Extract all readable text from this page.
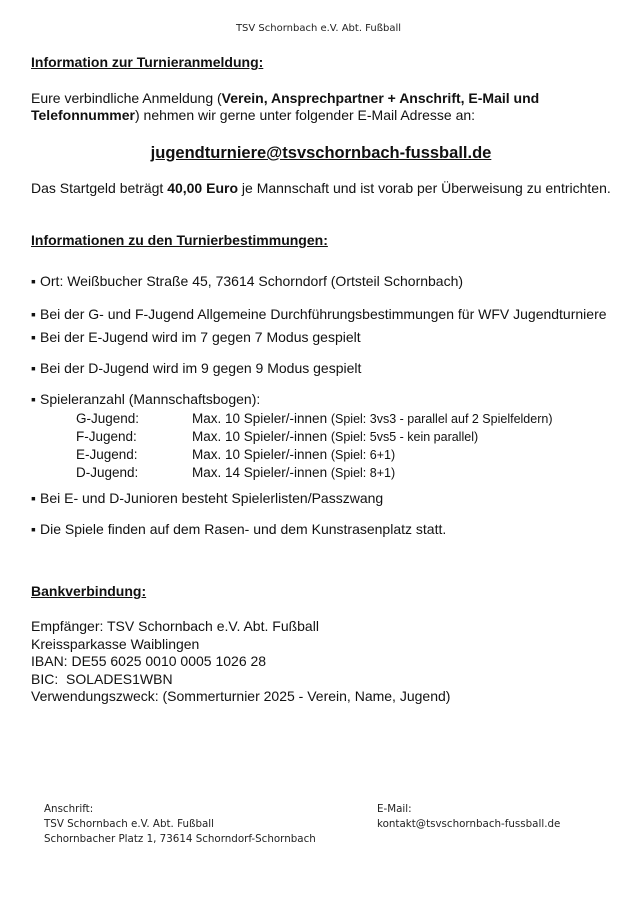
TSV Schornbach e.V. Abt. Fußball

Information zur Turnieranmeldung:

Eure verbindliche Anmeldung (Verein, Ansprechpartner + Anschrift, E-Mail und Telefonnummer) nehmen wir gerne unter folgender E-Mail Adresse an:

jugendturniere@tsvschornbach-fussball.de

Das Startgeld beträgt 40,00 Euro je Mannschaft und ist vorab per Überweisung zu entrichten.

Informationen zu den Turnierbestimmungen:

▪ Ort: Weißbucher Straße 45, 73614 Schorndorf (Ortsteil Schornbach)

▪ Bei der G- und F-Jugend Allgemeine Durchführungsbestimmungen für WFV Jugendturniere

▪ Bei der E-Jugend wird im 7 gegen 7 Modus gespielt

▪ Bei der D-Jugend wird im 9 gegen 9 Modus gespielt

▪ Spieleranzahl (Mannschaftsbogen):

G-Jugend:	Max. 10 Spieler/-innen (Spiel: 3vs3 - parallel auf 2 Spielfeldern)
F-Jugend:	Max. 10 Spieler/-innen (Spiel: 5vs5 - kein parallel)
E-Jugend:	Max. 10 Spieler/-innen (Spiel: 6+1)
D-Jugend:	Max. 14 Spieler/-innen (Spiel: 8+1)

▪ Bei E- und D-Junioren besteht Spielerlisten/Passzwang

▪ Die Spiele finden auf dem Rasen- und dem Kunstrasenplatz statt.

Bankverbindung:

Empfänger: TSV Schornbach e.V. Abt. Fußball

Kreissparkasse Waiblingen

IBAN: DE55 6025 0010 0005 1026 28

BIC:  SOLADES1WBN

Verwendungszweck: (Sommerturnier 2025 - Verein, Name, Jugend)

Anschrift:
TSV Schornbach e.V. Abt. Fußball
Schornbacher Platz 1, 73614 Schorndorf-Schornbach
E-Mail:
kontakt@tsvschornbach-fussball.de
